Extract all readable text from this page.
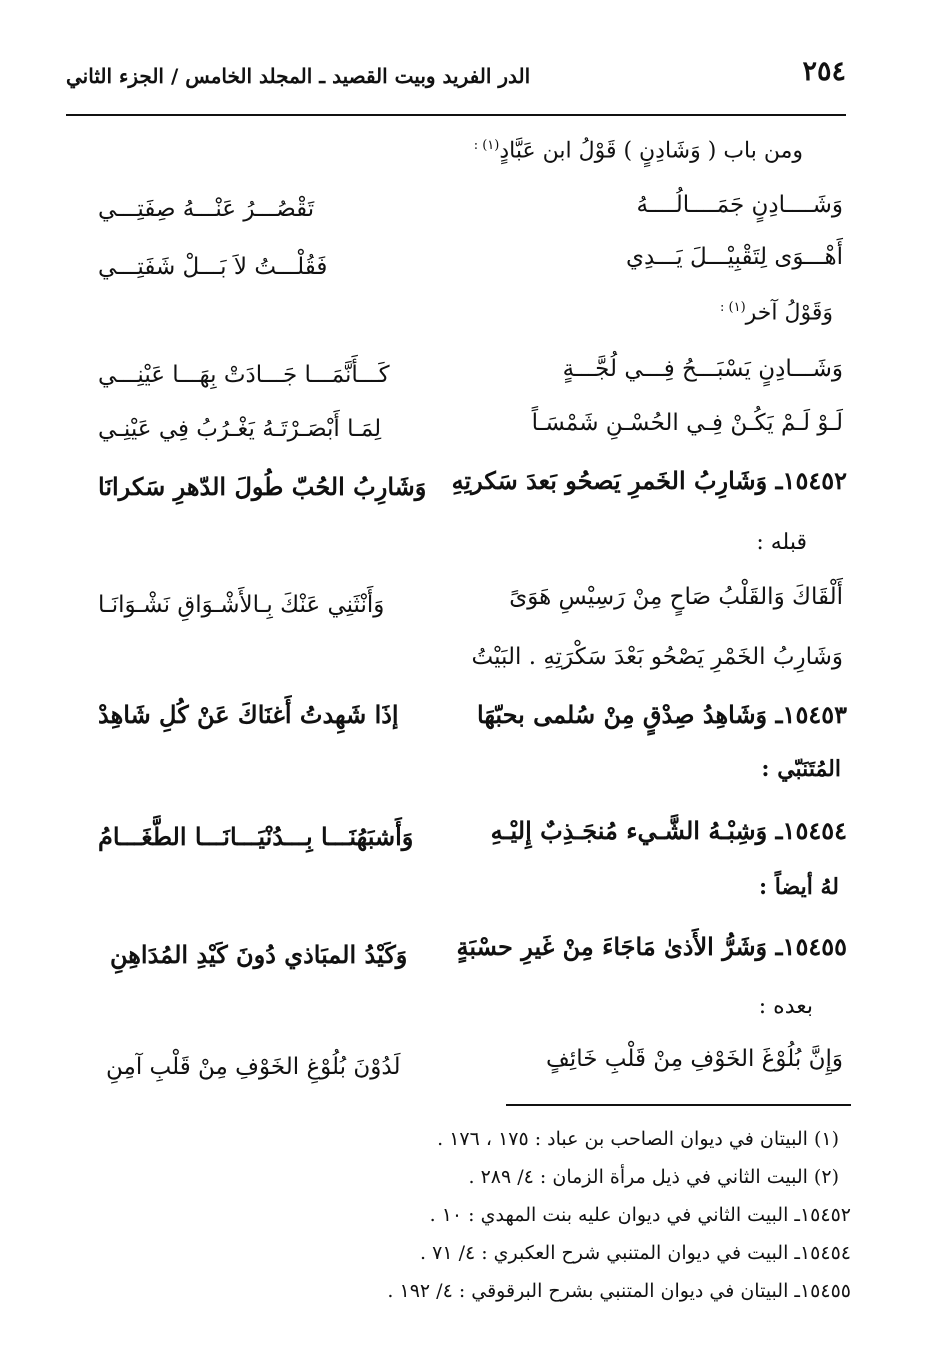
٢٥٤
الدر الفريد وبيت القصيد ـ المجلد الخامس / الجزء الثاني
ومن باب ( وَشَادِنٍ ) قَوْلُ ابن عَبَّادٍ$^{(١) :}$
وَشَــــادِنٍ جَمَــــالُــــهُ
تَقْصُـــرُ عَنْـــهُ صِفَتِـــي
أَهْـــوَى لِتَقْبِيْـــلَ يَـــدِي
فَقُلْـــتُ لاَ بَـــلْ شَفَتِـــي
وَقَوْلُ آخر$^{(١) :}$
وَشَـــادِنٍ يَسْبَـــحُ فِـــي لُجَّـــةٍ
كَـــأَنَّمَـــا جَـــادَتْ بِهَـــا عَيْنِـــي
لَـوْ لَـمْ يَكُـنْ فِـي الحُسْـنِ شَمْسَـاً
لِمَـا أَبْصَـرْتَـهُ يَغْـرُبُ فِي عَيْنِـي
١٥٤٥٢ـ وَشَارِبُ الخَمرِ يَصحُو بَعدَ سَكرتِهِ
وَشَارِبُ الحُبّ طُولَ الدّهرِ سَكرانَا
قبله :
أَلْقَاكَ وَالقَلْبُ صَاحٍ مِنْ رَسِيْسِ هَوَىً
وَأَنْثَنِي عَنْكَ بِـالأَشْـوَاقِ نَشْـوَانَـا
وَشَارِبُ الخَمْرِ يَصْحُو بَعْدَ سَكْرَتِهِ . البَيْتُ
١٥٤٥٣ـ وَشَاهِدُ صِدْقٍ مِنْ سُلمى بحبّهَا
إذَا شَهِدتُ أَغنَاكَ عَنْ كُلِ شَاهِدْ
المُتَنَبّي :
١٥٤٥٤ـ وَشِبْـهُ الشَّـيء مُنجَـذِبٌ إِليْـهِ
وَأَشبَهُنَـــا بِـــدُنْيَـــانَـــا الطَّغَـــامُ
لهُ أيضاً :
١٥٤٥٥ـ وَشَرُّ الأَذىٰ مَاجَاءَ مِنْ غَيرِ حسْبَةٍ
وَكَيْدُ المبَاذي دُونَ كَيْدِ المُدَاهِنِ
بعده :
وَإِنَّ بُلُوْغَ الخَوْفِ مِنْ قَلْبِ خَائِفٍ
لَدُوْنَ بُلُوْغِ الخَوْفِ مِنْ قَلْبِ آمِنِ
(١) البيتان في ديوان الصاحب بن عباد : ١٧٥ ، ١٧٦ .
(٢) البيت الثاني في ذيل مرأة الزمان : ٤/ ٢٨٩ .
١٥٤٥٢ـ البيت الثاني في ديوان عليه بنت المهدي : ١٠ .
١٥٤٥٤ـ البيت في ديوان المتنبي شرح العكبري : ٤/ ٧١ .
١٥٤٥٥ـ البيتان في ديوان المتنبي بشرح البرقوقي : ٤/ ١٩٢ .
